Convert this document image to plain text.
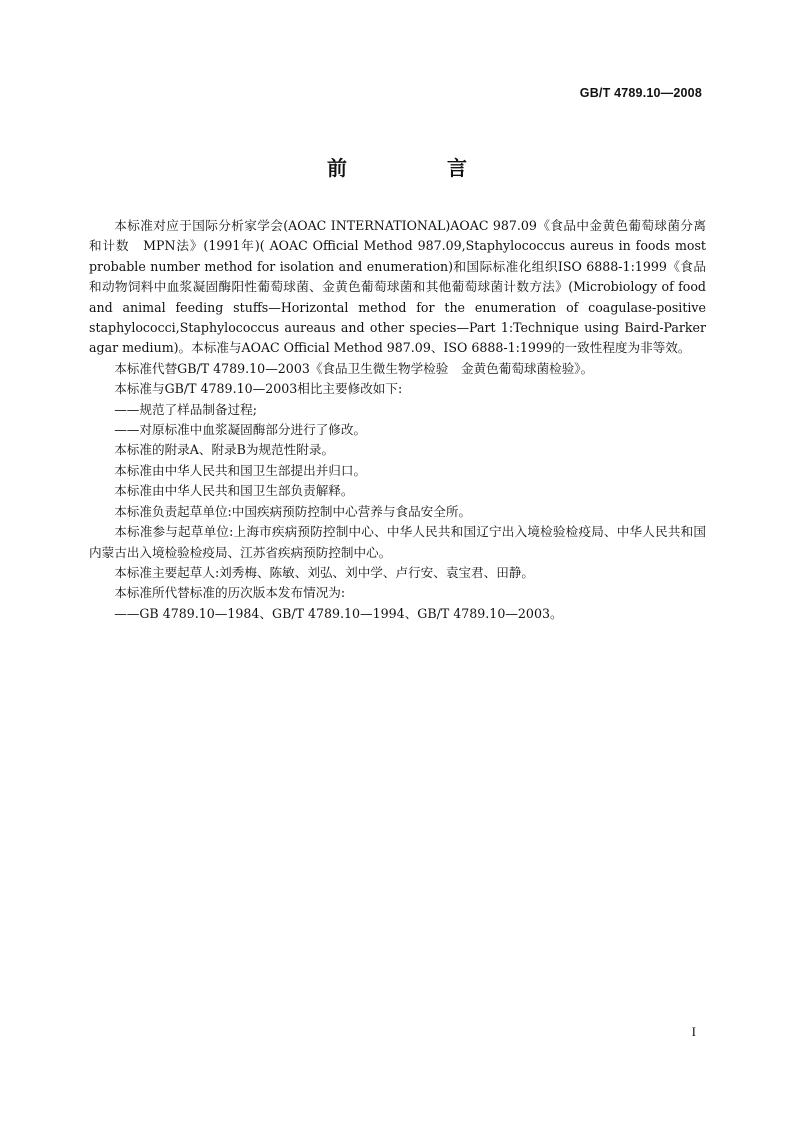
GB/T 4789.10—2008
前　言

本标准对应于国际分析家学会(AOAC INTERNATIONAL)AOAC 987.09《食品中金黄色葡萄球菌分离和计数　MPN法》(1991年)( AOAC Official Method 987.09,Staphylococcus aureus in foods most probable number method for isolation and enumeration)和国际标准化组织ISO 6888-1:1999《食品和动物饲料中血浆凝固酶阳性葡萄球菌、金黄色葡萄球菌和其他葡萄球菌计数方法》(Microbiology of food and animal feeding stuffs—Horizontal method for the enumeration of coagulase-positive staphylococci,Staphylococcus aureaus and other species—Part 1:Technique using Baird-Parker agar medium)。本标准与AOAC Official Method 987.09、ISO 6888-1:1999的一致性程度为非等效。

本标准代替GB/T 4789.10—2003《食品卫生微生物学检验　金黄色葡萄球菌检验》。

本标准与GB/T 4789.10—2003相比主要修改如下:

——规范了样品制备过程;

——对原标准中血浆凝固酶部分进行了修改。

本标准的附录A、附录B为规范性附录。

本标准由中华人民共和国卫生部提出并归口。

本标准由中华人民共和国卫生部负责解释。

本标准负责起草单位:中国疾病预防控制中心营养与食品安全所。

本标准参与起草单位:上海市疾病预防控制中心、中华人民共和国辽宁出入境检验检疫局、中华人民共和国内蒙古出入境检验检疫局、江苏省疾病预防控制中心。

本标准主要起草人:刘秀梅、陈敏、刘弘、刘中学、卢行安、袁宝君、田静。

本标准所代替标准的历次版本发布情况为:

——GB 4789.10—1984、GB/T 4789.10—1994、GB/T 4789.10—2003。

I
